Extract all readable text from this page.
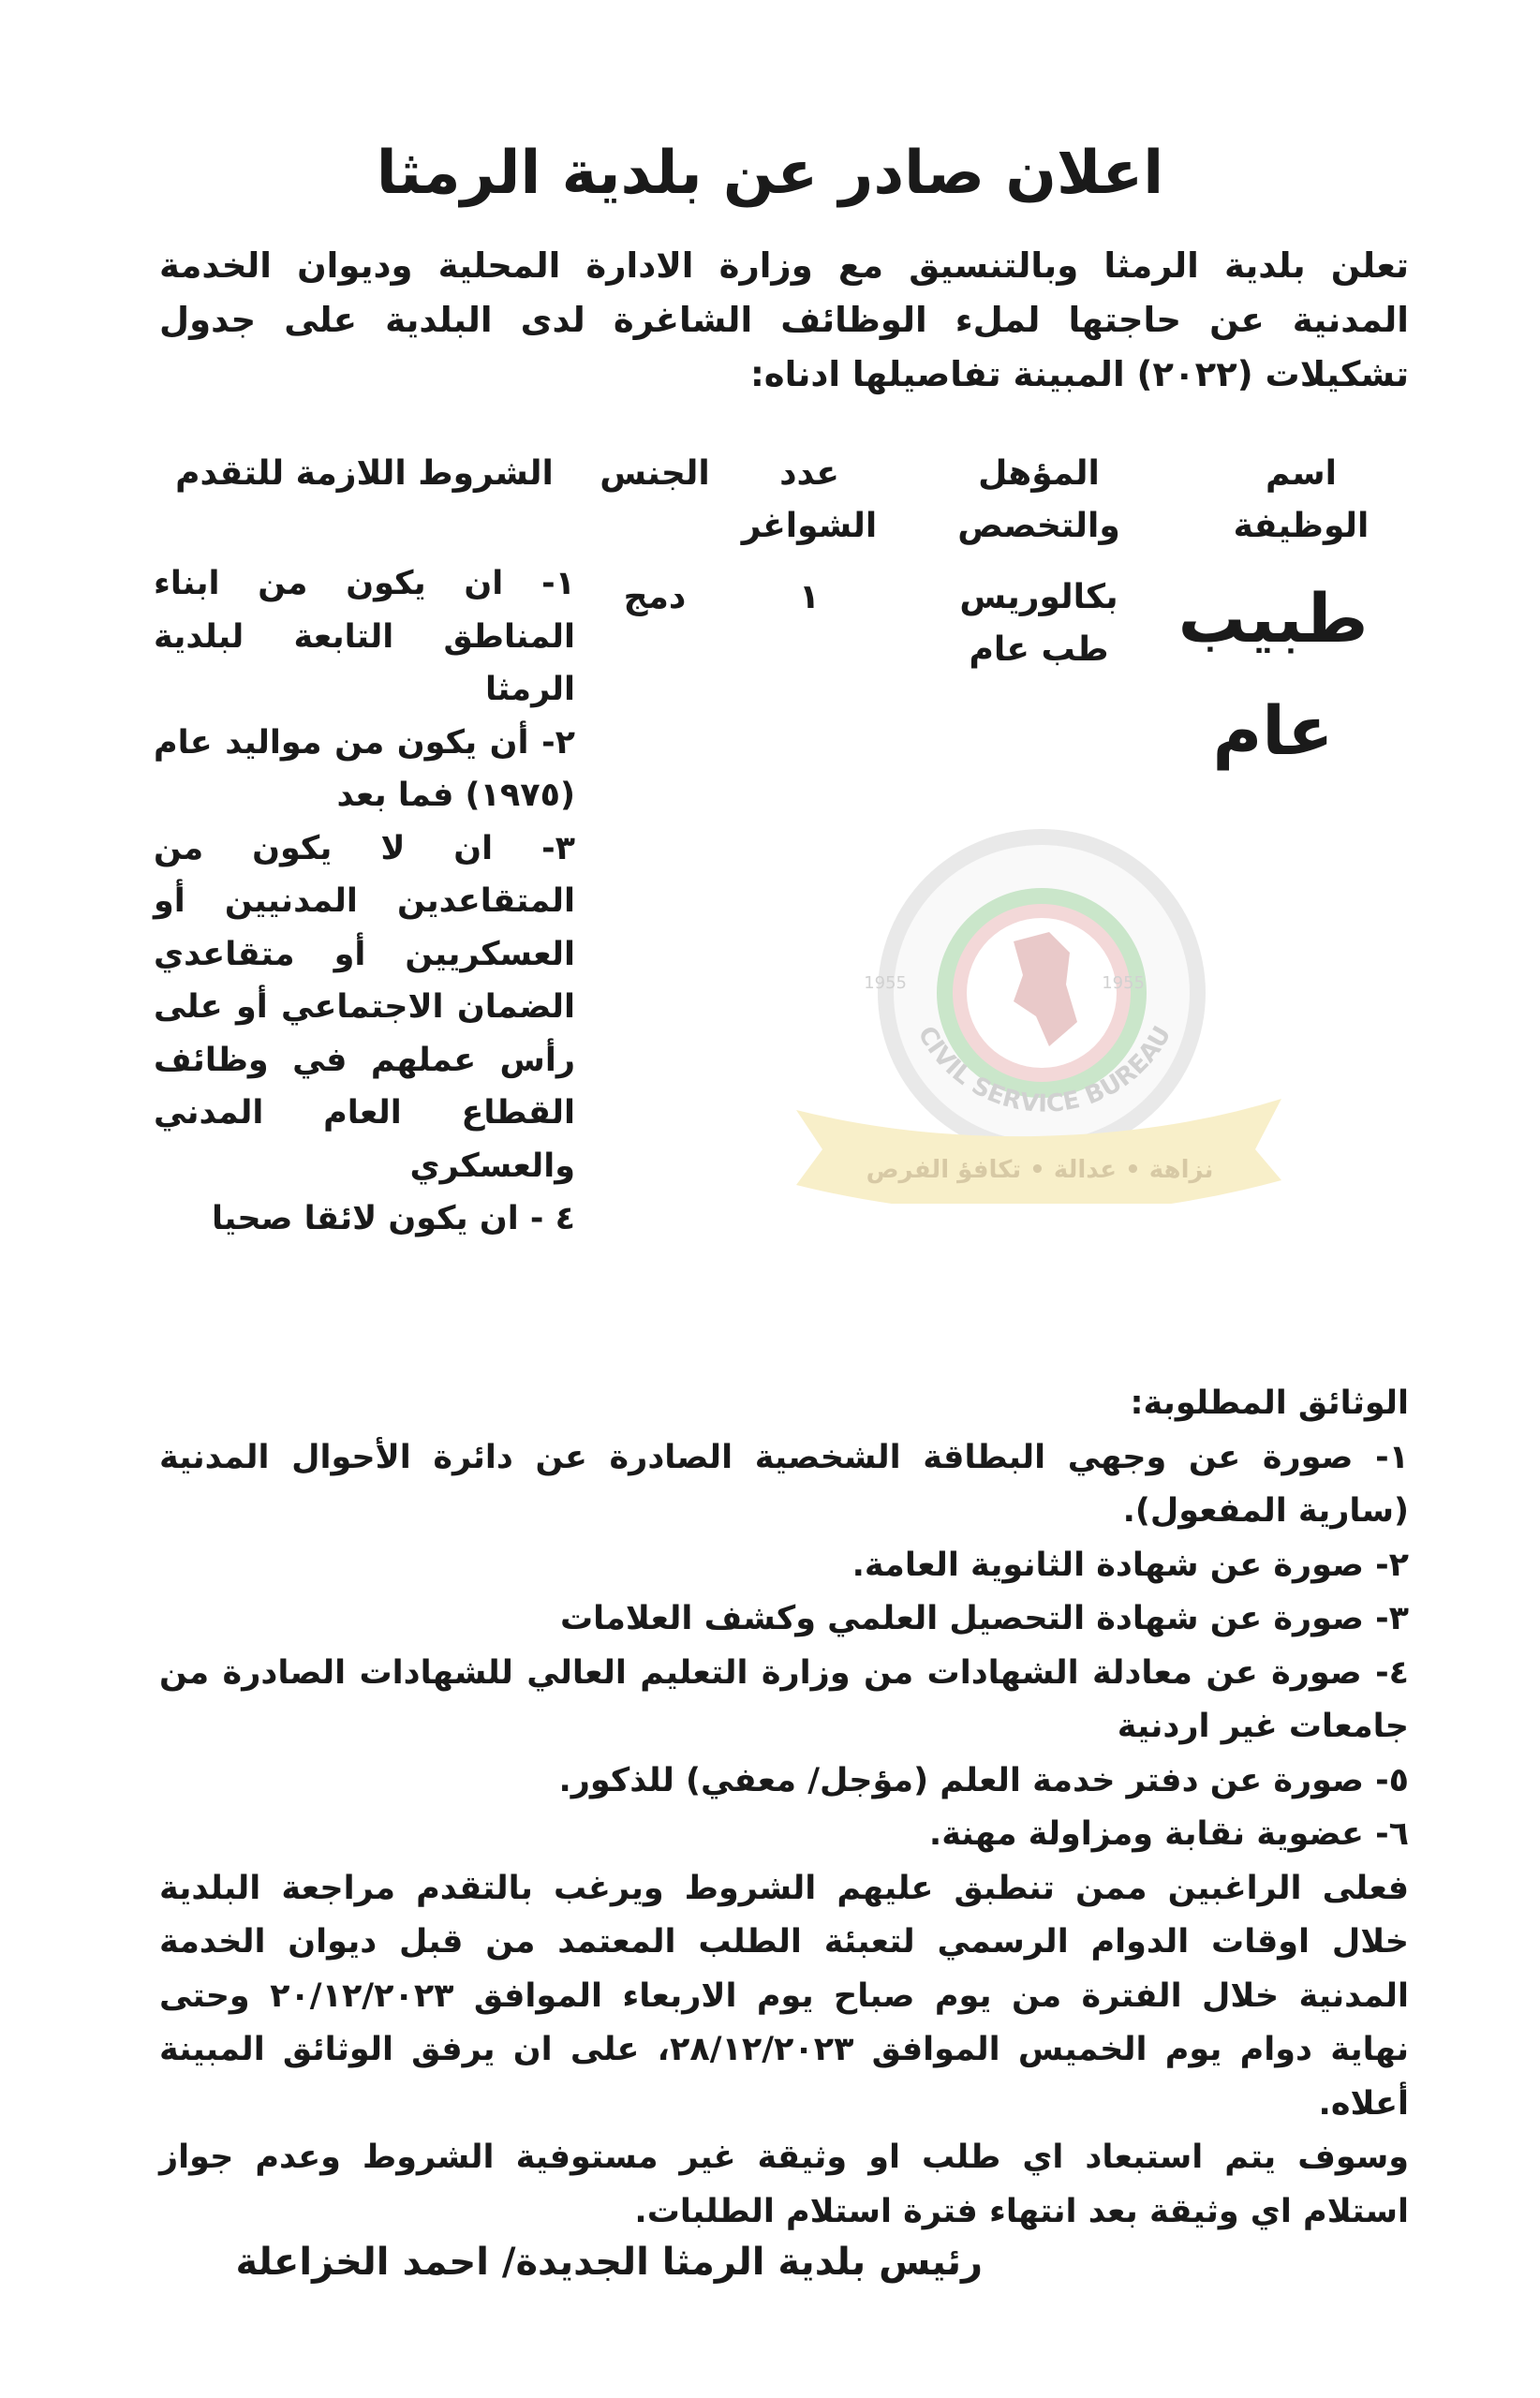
اعلان صادر عن بلدية الرمثا
تعلن بلدية الرمثا وبالتنسيق مع وزارة الادارة المحلية وديوان الخدمة المدنية عن حاجتها لملء الوظائف الشاغرة لدى البلدية على جدول تشكيلات (٢٠٢٢) المبينة تفاصيلها ادناه:
اسم الوظيفة
المؤهل والتخصص
عدد الشواغر
الجنس
الشروط اللازمة للتقدم
CIVIL SERVICE BUREAU
1955	1955
نزاهة • عدالة • تكافؤ الفرص
طبيب عام
بكالوريس طب عام
١
دمج
١- ان يكون من ابناء المناطق التابعة لبلدية الرمثا
٢- أن يكون من مواليد عام (١٩٧٥) فما بعد
٣- ان لا يكون من المتقاعدين المدنيين أو العسكريين أو متقاعدي الضمان الاجتماعي أو على رأس عملهم في وظائف القطاع العام المدني والعسكري
٤ - ان يكون لائقا صحيا
الوثائق المطلوبة:
١- صورة عن وجهي البطاقة الشخصية الصادرة عن دائرة الأحوال المدنية (سارية المفعول).
٢- صورة عن شهادة الثانوية العامة.
٣- صورة عن شهادة التحصيل العلمي وكشف العلامات
٤- صورة عن معادلة الشهادات من وزارة التعليم العالي للشهادات الصادرة من جامعات غير اردنية
٥- صورة عن دفتر خدمة العلم (مؤجل/ معفي) للذكور.
٦- عضوية نقابة ومزاولة مهنة.
فعلى الراغبين ممن تنطبق عليهم الشروط ويرغب بالتقدم مراجعة البلدية خلال اوقات الدوام الرسمي لتعبئة الطلب المعتمد من قبل ديوان الخدمة المدنية خلال الفترة من يوم صباح يوم الاربعاء الموافق ٢٠/١٢/٢٠٢٣ وحتى نهاية دوام يوم الخميس الموافق ٢٨/١٢/٢٠٢٣، على ان يرفق الوثائق المبينة أعلاه.
وسوف يتم استبعاد اي طلب او وثيقة غير مستوفية الشروط وعدم جواز استلام اي وثيقة بعد انتهاء فترة استلام الطلبات.
رئيس بلدية الرمثا الجديدة/ احمد الخزاعلة
